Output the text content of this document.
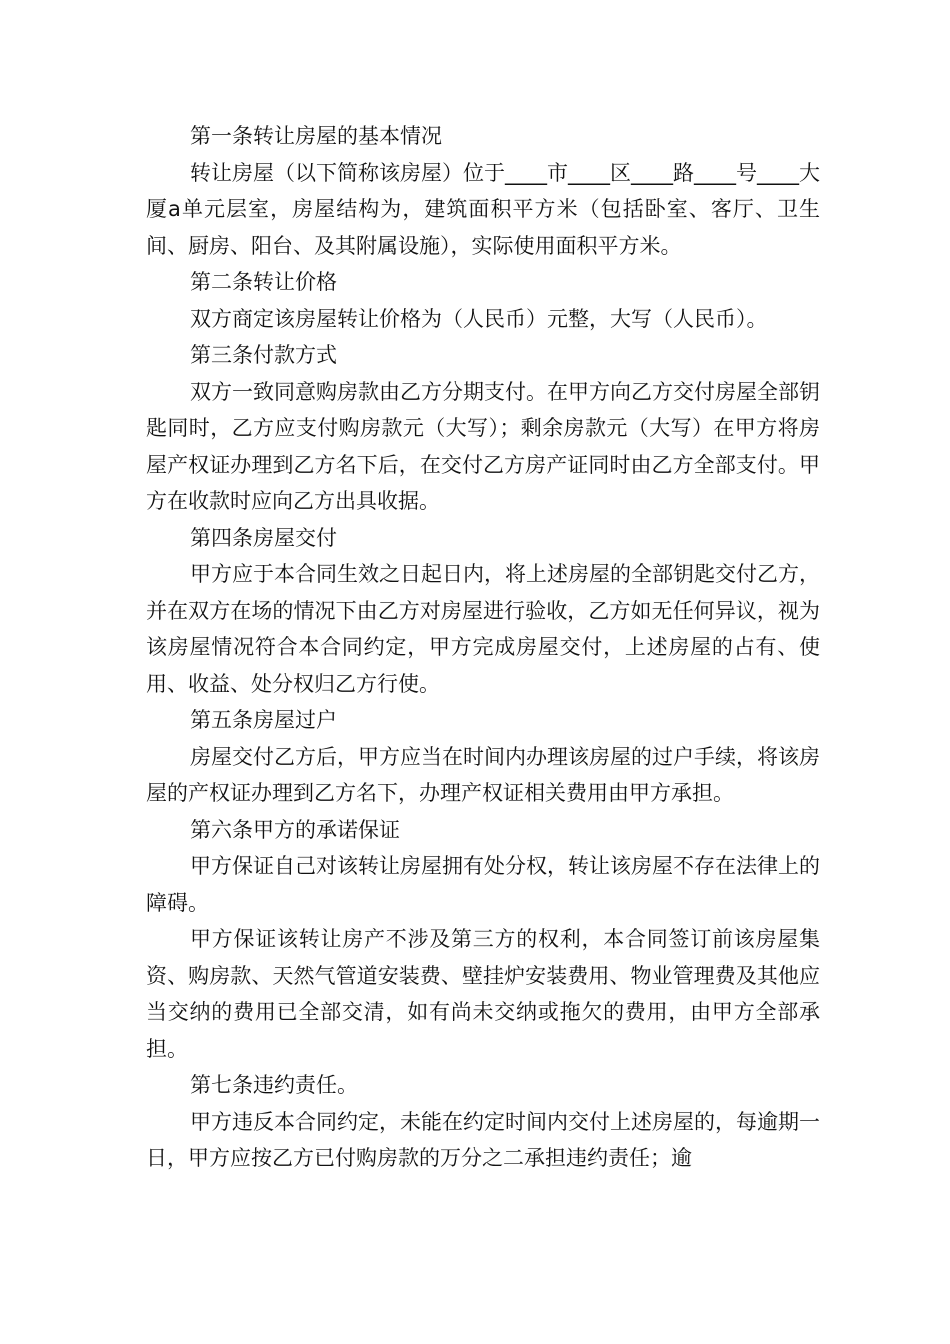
第一条转让房屋的基本情况

转让房屋（以下简称该房屋）位于____市____区____路____号____大厦a单元层室，房屋结构为，建筑面积平方米（包括卧室、客厅、卫生间、厨房、阳台、及其附属设施），实际使用面积平方米。

第二条转让价格

双方商定该房屋转让价格为（人民币）元整，大写（人民币）。

第三条付款方式

双方一致同意购房款由乙方分期支付。在甲方向乙方交付房屋全部钥匙同时，乙方应支付购房款元（大写）；剩余房款元（大写）在甲方将房屋产权证办理到乙方名下后，在交付乙方房产证同时由乙方全部支付。甲方在收款时应向乙方出具收据。

第四条房屋交付

甲方应于本合同生效之日起日内，将上述房屋的全部钥匙交付乙方，并在双方在场的情况下由乙方对房屋进行验收，乙方如无任何异议，视为该房屋情况符合本合同约定，甲方完成房屋交付，上述房屋的占有、使用、收益、处分权归乙方行使。

第五条房屋过户

房屋交付乙方后，甲方应当在时间内办理该房屋的过户手续，将该房屋的产权证办理到乙方名下，办理产权证相关费用由甲方承担。

第六条甲方的承诺保证

甲方保证自己对该转让房屋拥有处分权，转让该房屋不存在法律上的障碍。

甲方保证该转让房产不涉及第三方的权利，本合同签订前该房屋集资、购房款、天然气管道安装费、壁挂炉安装费用、物业管理费及其他应当交纳的费用已全部交清，如有尚未交纳或拖欠的费用，由甲方全部承担。

第七条违约责任。

甲方违反本合同约定，未能在约定时间内交付上述房屋的，每逾期一日，甲方应按乙方已付购房款的万分之二承担违约责任；逾
